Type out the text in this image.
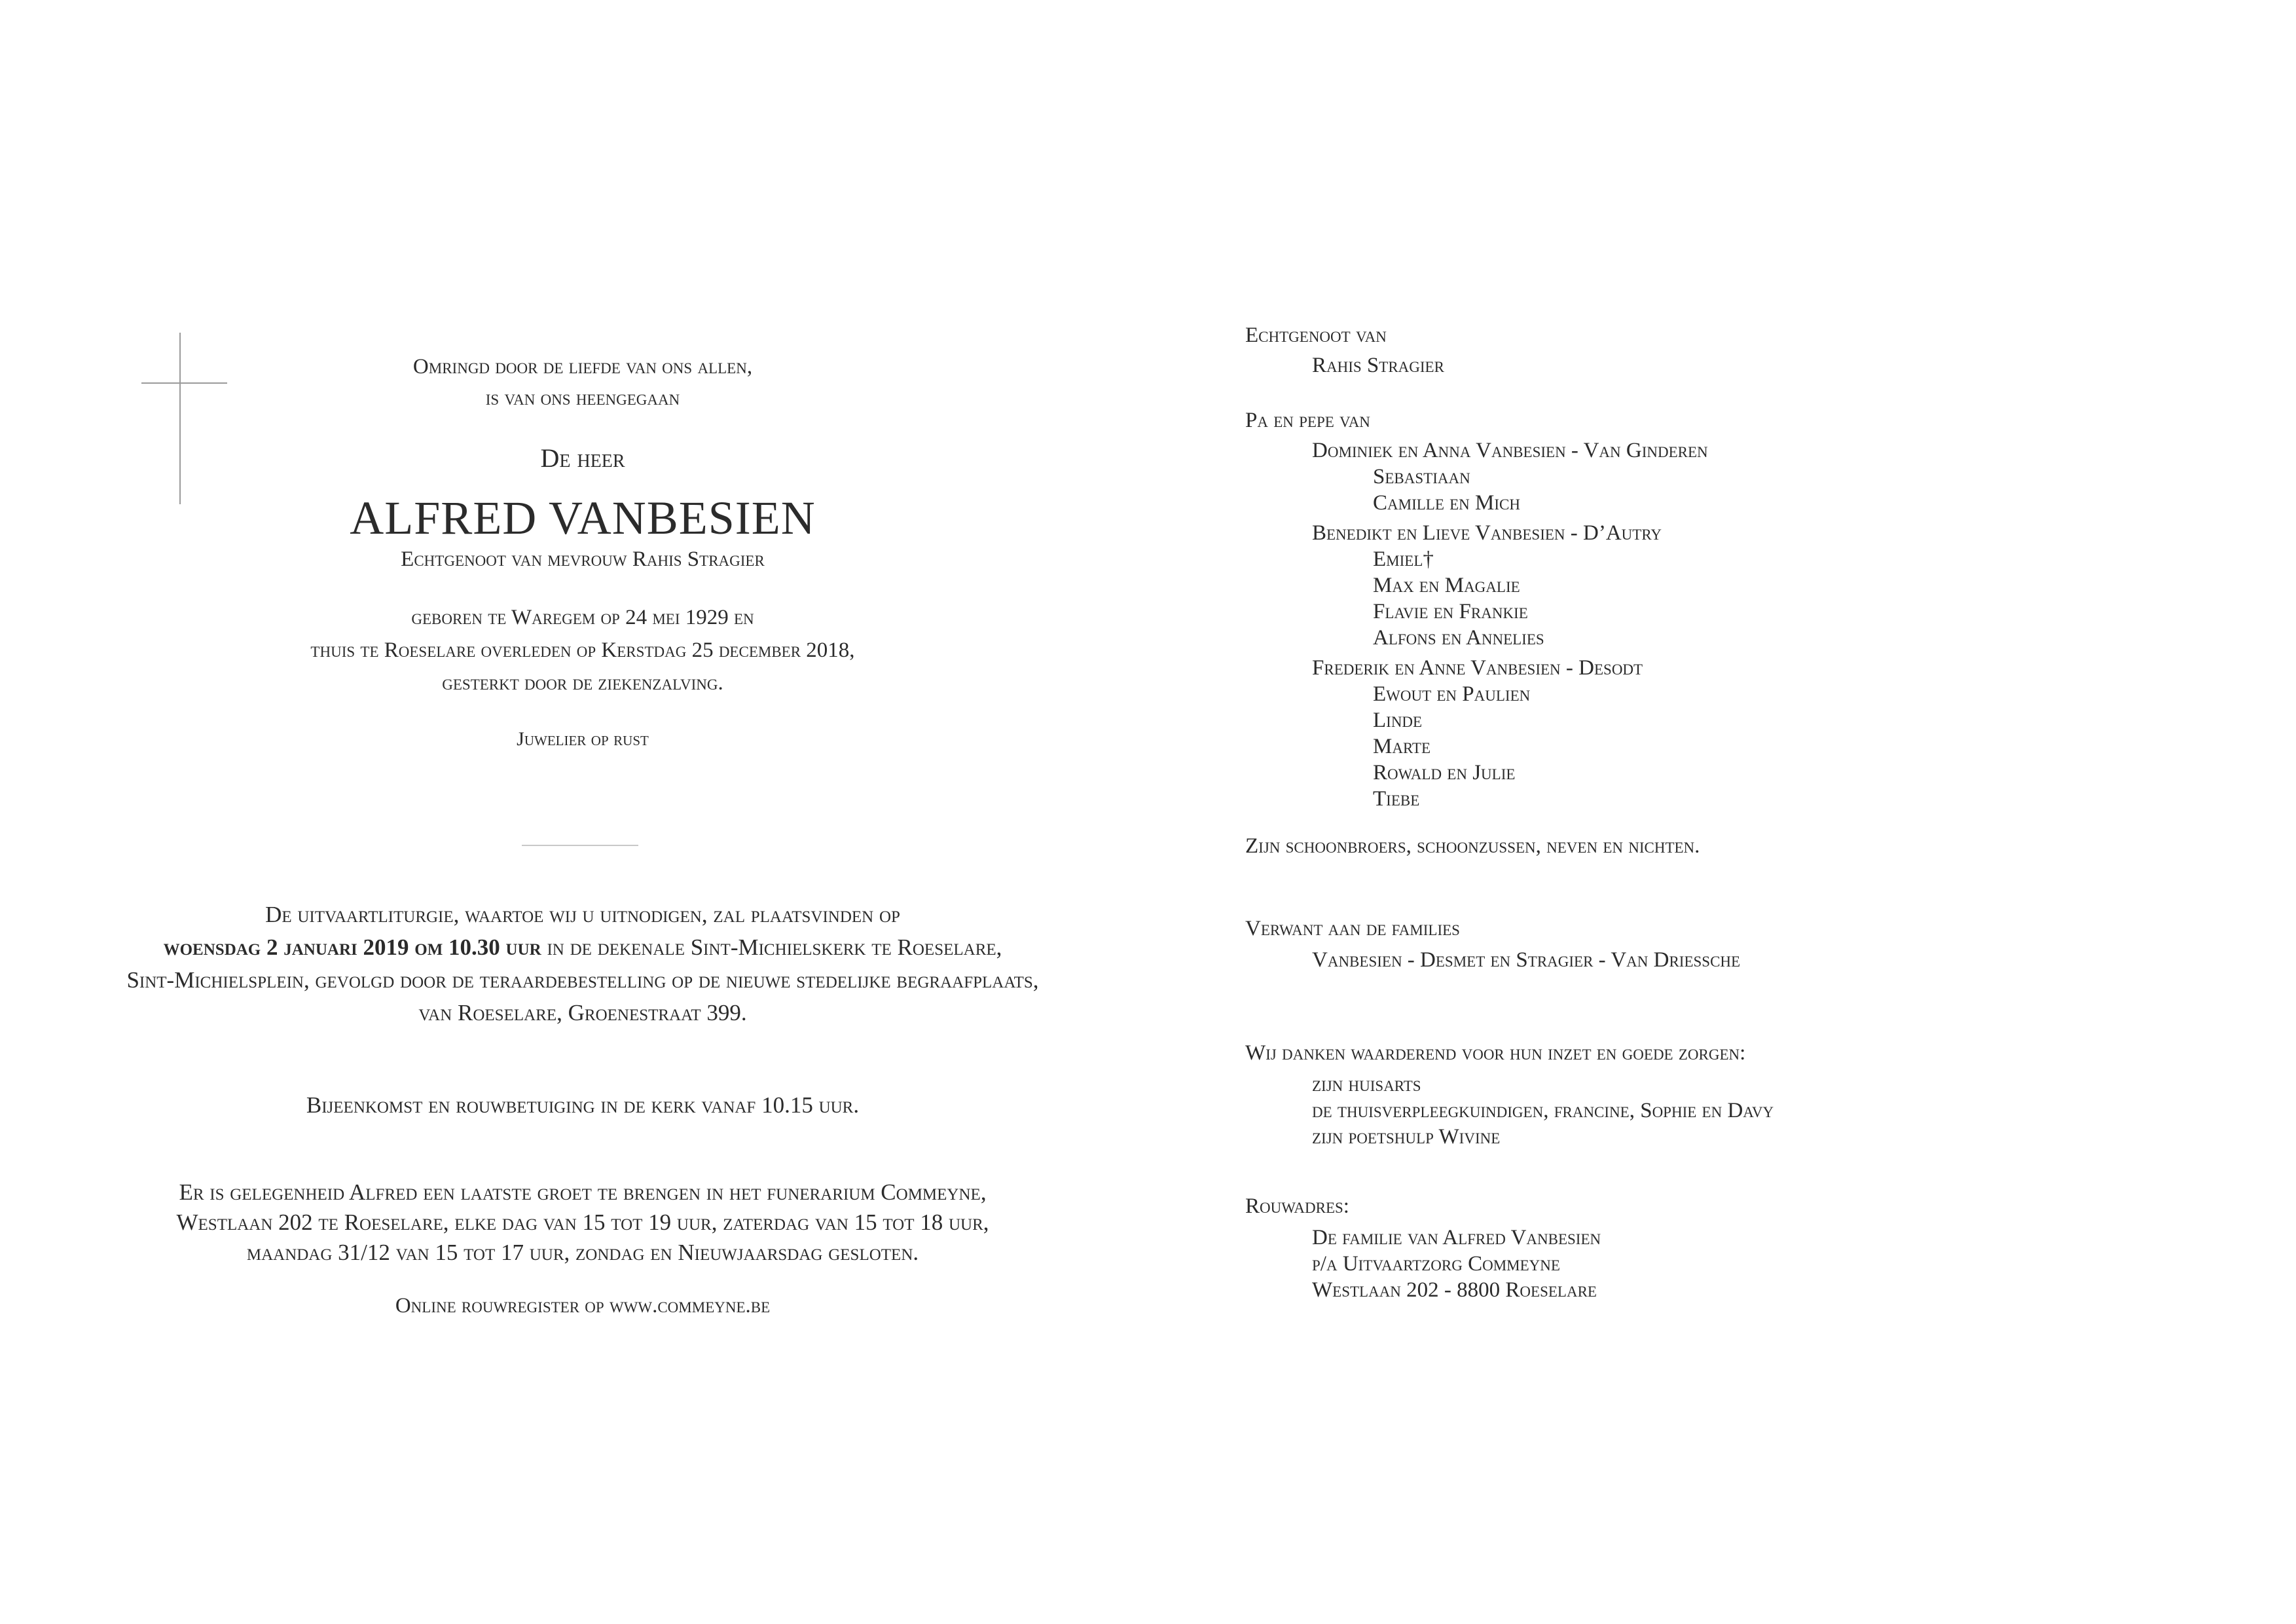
Omringd door de liefde van ons allen,
is van ons heengegaan
De heer
ALFRED VANBESIEN
Echtgenoot van mevrouw Rahis Stragier
geboren te Waregem op 24 mei 1929 en
thuis te Roeselare overleden op Kerstdag 25 december 2018,
gesterkt door de ziekenzalving.
Juwelier op rust
De uitvaartliturgie, waartoe wij u uitnodigen, zal plaatsvinden op
woensdag 2 januari 2019 om 10.30 uur in de dekenale Sint-Michielskerk te Roeselare,
Sint-Michielsplein, gevolgd door de teraardebestelling op de nieuwe stedelijke begraafplaats,
van Roeselare, Groenestraat 399.
Bijeenkomst en rouwbetuiging in de kerk vanaf 10.15 uur.
Er is gelegenheid Alfred een laatste groet te brengen in het funerarium Commeyne,
Westlaan 202 te Roeselare, elke dag van 15 tot 19 uur, zaterdag van 15 tot 18 uur,
maandag 31/12 van 15 tot 17 uur, zondag en Nieuwjaarsdag gesloten.
Online rouwregister op www.commeyne.be
Echtgenoot van
Rahis Stragier
Pa en pepe van
Dominiek en Anna Vanbesien - Van Ginderen
Sebastiaan
Camille en Mich
Benedikt en Lieve Vanbesien - D’Autry
Emiel†
Max en Magalie
Flavie en Frankie
Alfons en Annelies
Frederik en Anne Vanbesien - Desodt
Ewout en Paulien
Linde
Marte
Rowald en Julie
Tiebe
Zijn schoonbroers, schoonzussen, neven en nichten.
Verwant aan de families
Vanbesien - Desmet en Stragier - Van Driessche
Wij danken waarderend voor hun inzet en goede zorgen:
zijn huisarts
de thuisverpleegkuindigen, francine, Sophie en Davy
zijn poetshulp Wivine
Rouwadres:
De familie van Alfred Vanbesien
p/a Uitvaartzorg Commeyne
Westlaan 202 - 8800 Roeselare
